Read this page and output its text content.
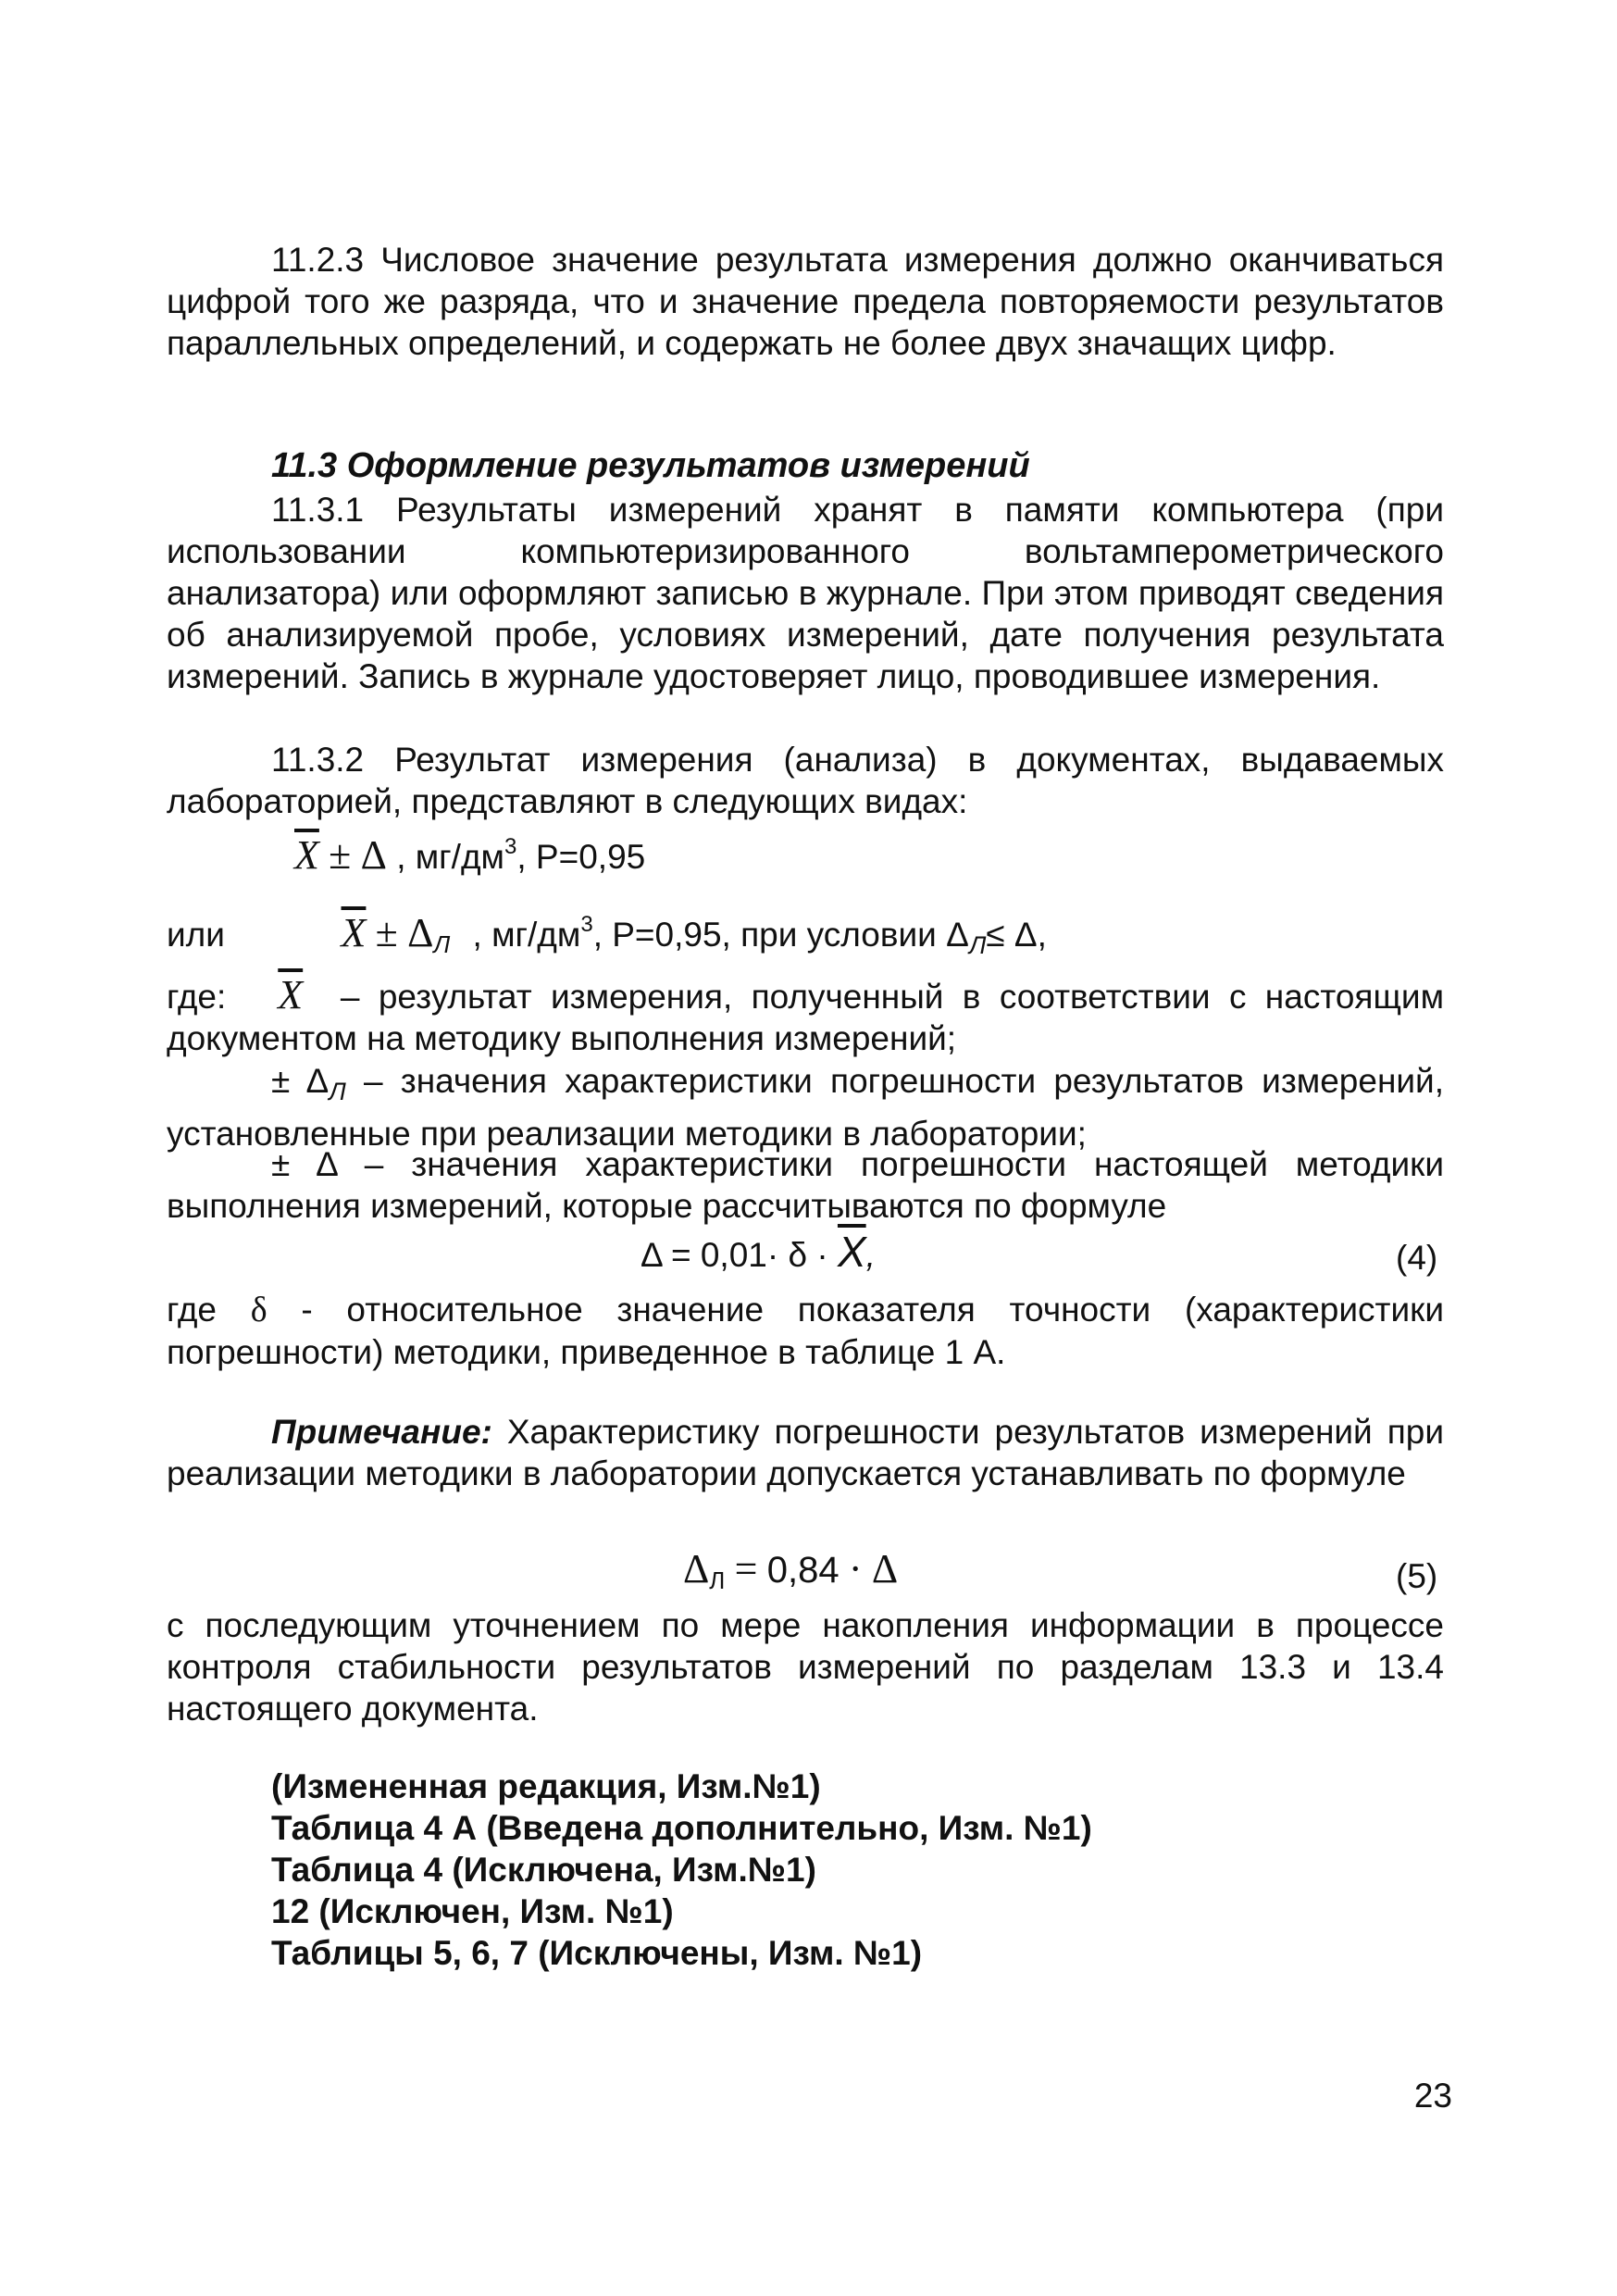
11.2.3 Числовое значение результата измерения должно оканчиваться цифрой того же разряда, что и значение предела повторяемости результатов параллельных определений, и содержать не более двух значащих цифр.
11.3 Оформление результатов измерений
11.3.1 Результаты измерений хранят в памяти компьютера (при использовании компьютеризированного вольтамперометрического анализатора) или оформляют записью в журнале. При этом приводят сведения об анализируемой пробе, условиях измерений, дате получения результата измерений. Запись в журнале удостоверяет лицо, проводившее измерения.
11.3.2 Результат измерения (анализа) в документах, выдаваемых лабораторией, представляют в следующих видах:
$\overline{X} \pm \Delta$ , $мг/дм^3$, Р=0,95
или	$\overline{X} \pm \Delta Л$ , $мг/дм^3$, Р=0,95, при условии $\Delta_Л\le \Delta$,
где: $\overline{X}$ – результат измерения, полученный в соответствии с настоящим документом на методику выполнения измерений;
± $\Delta_Л$ – значения характеристики погрешности результатов измерений, установленные при реализации методики в лаборатории;
± Δ – значения характеристики погрешности настоящей методики выполнения измерений, которые рассчитываются по формуле
$\Delta = 0,01\cdot \delta \cdot \overline{X}$,	(4)
где δ - относительное значение показателя точности (характеристики погрешности) методики, приведенное в таблице 1 А.
Примечание: Характеристику погрешности результатов измерений при реализации методики в лаборатории допускается устанавливать по формуле
ΔЛ = 0,84 · Δ	(5)
с последующим уточнением по мере накопления информации в процессе контроля стабильности результатов измерений по разделам 13.3 и 13.4 настоящего документа.
(Измененная редакция, Изм.№1)
Таблица 4 А (Введена дополнительно, Изм. №1)
Таблица 4 (Исключена, Изм.№1)
12 (Исключен, Изм. №1)
Таблицы 5, 6, 7 (Исключены, Изм. №1)
23
